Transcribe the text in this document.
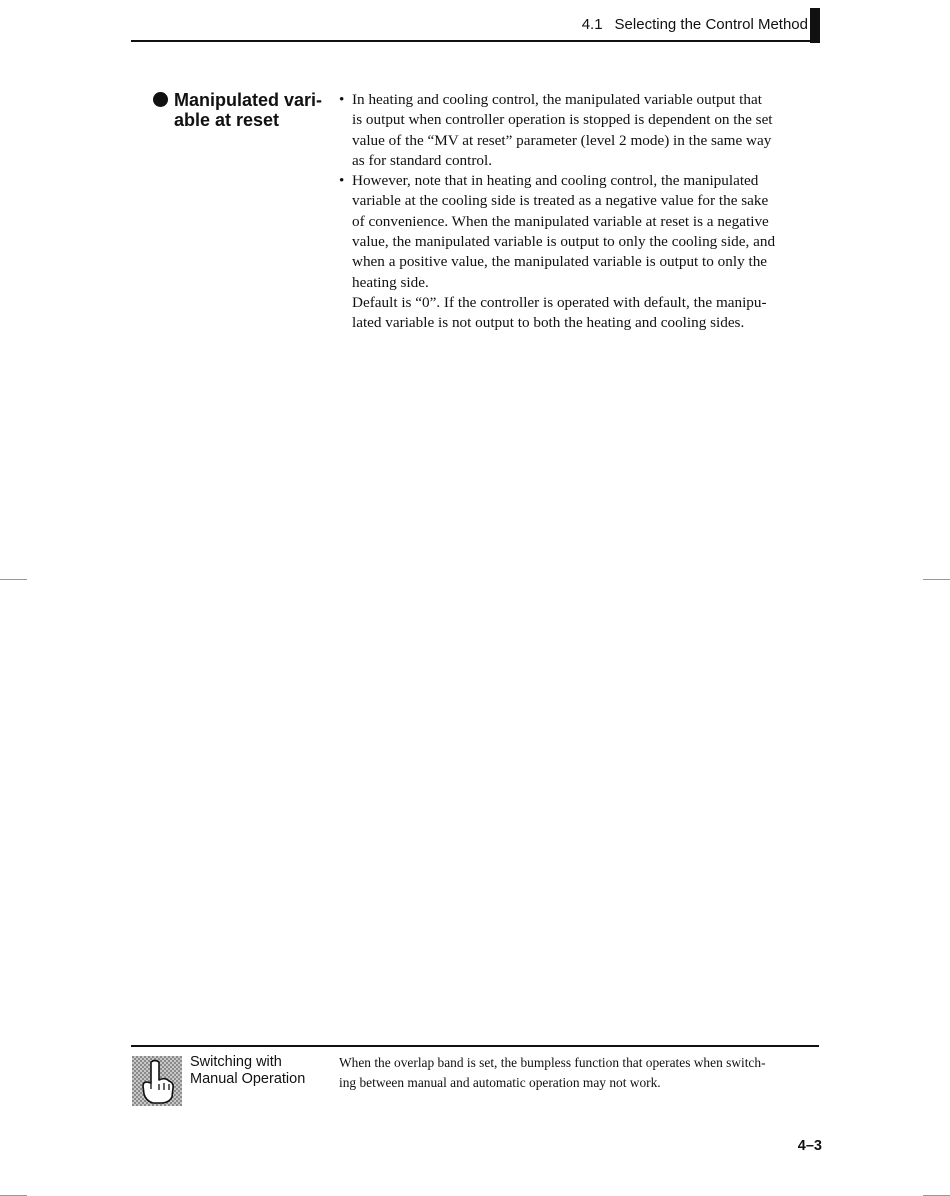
4.1 Selecting the Control Method
Manipulated vari- able at reset

• In heating and cooling control, the manipulated variable output that
is output when controller operation is stopped is dependent on the set
value of the “MV at reset” parameter (level 2 mode) in the same way
as for standard control.

• However, note that in heating and cooling control, the manipulated
variable at the cooling side is treated as a negative value for the sake
of convenience. When the manipulated variable at reset is a negative
value, the manipulated variable is output to only the cooling side, and
when a positive value, the manipulated variable is output to only the
heating side.

Default is “0”. If the controller is operated with default, the manipu-
lated variable is not output to both the heating and cooling sides.

Switching with
Manual Operation
When the overlap band is set, the bumpless function that operates when switch-
ing between manual and automatic operation may not work.
4–3
